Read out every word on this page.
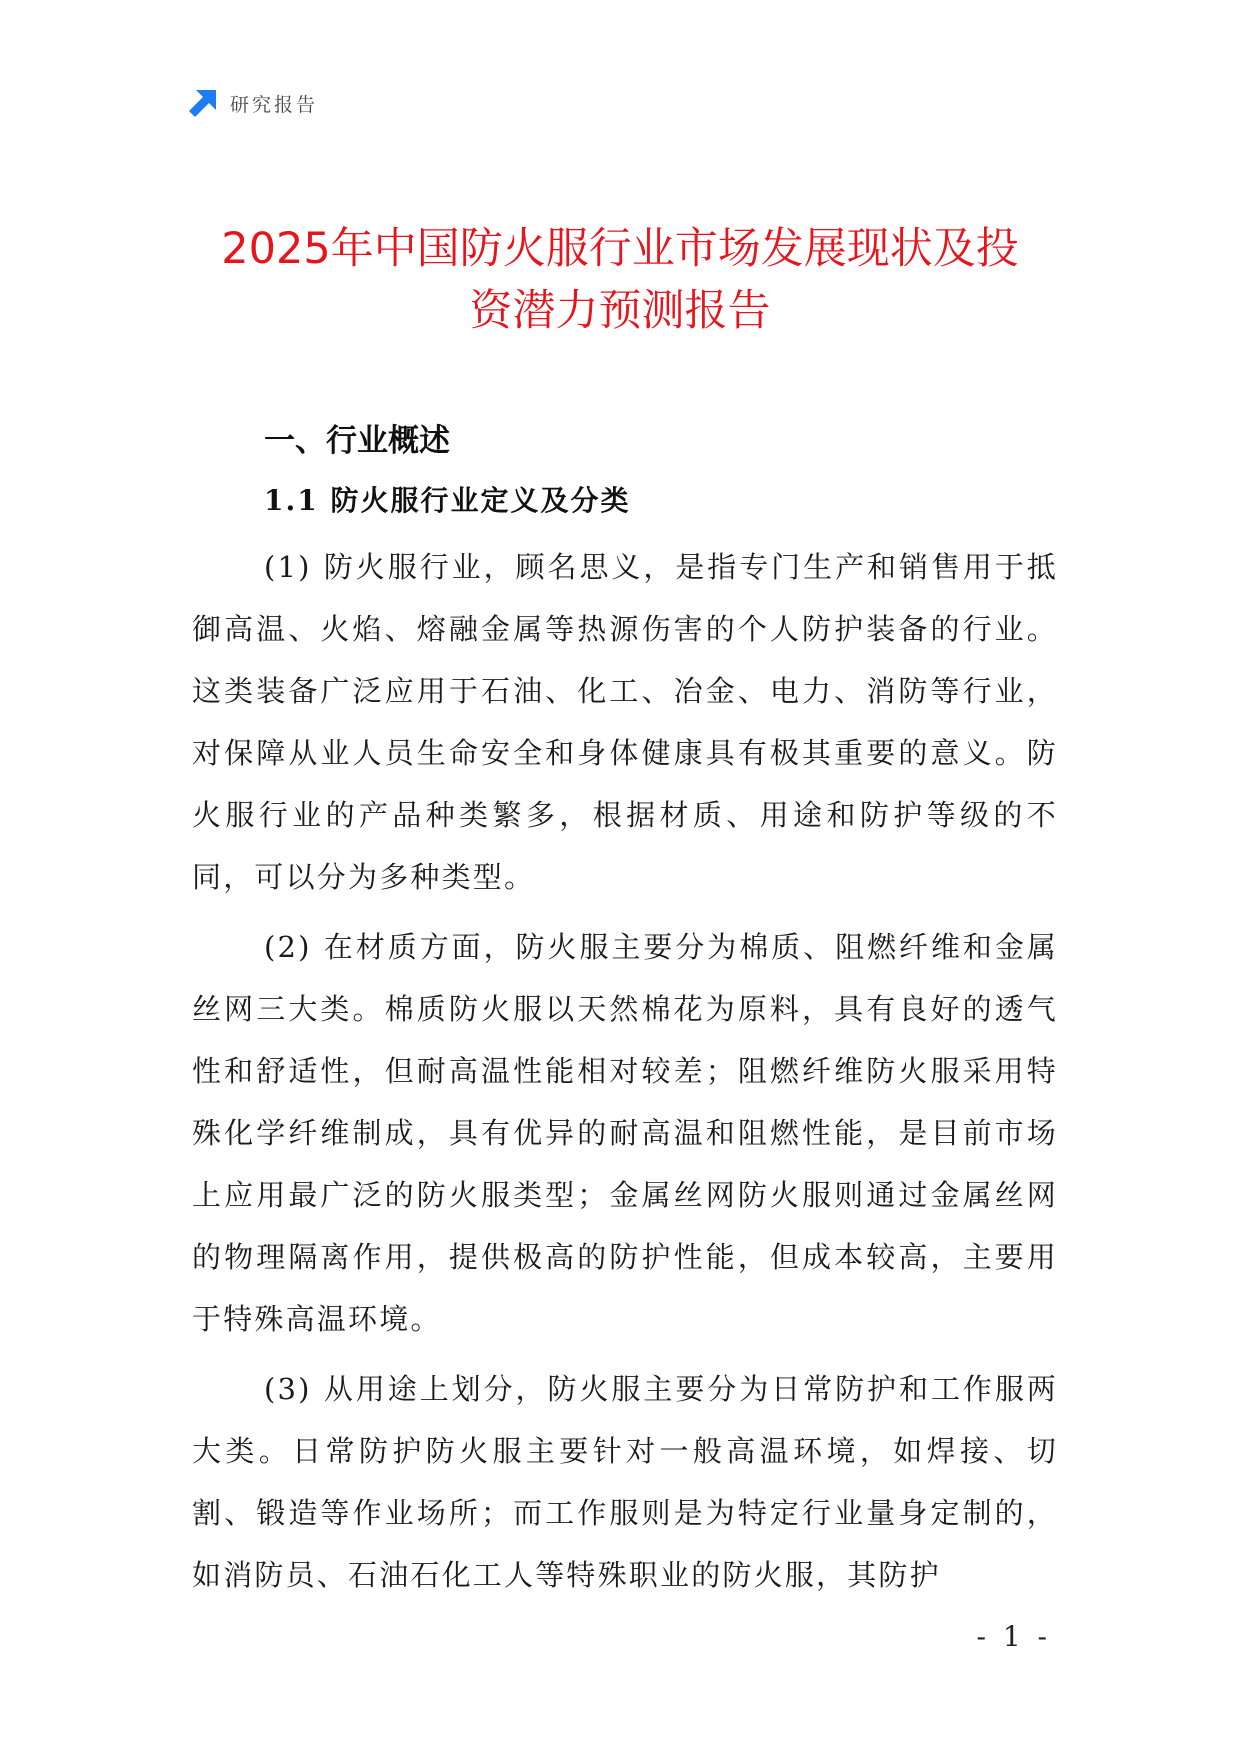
研究报告
2025年中国防火服行业市场发展现状及投
资潜力预测报告
一、行业概述
1.1 防火服行业定义及分类

(1) 防火服行业，顾名思义，是指专门生产和销售用于抵御高温、火焰、熔融金属等热源伤害的个人防护装备的行业。这类装备广泛应用于石油、化工、冶金、电力、消防等行业，对保障从业人员生命安全和身体健康具有极其重要的意义。防火服行业的产品种类繁多，根据材质、用途和防护等级的不同，可以分为多种类型。

(2) 在材质方面，防火服主要分为棉质、阻燃纤维和金属丝网三大类。棉质防火服以天然棉花为原料，具有良好的透气性和舒适性，但耐高温性能相对较差；阻燃纤维防火服采用特殊化学纤维制成，具有优异的耐高温和阻燃性能，是目前市场上应用最广泛的防火服类型；金属丝网防火服则通过金属丝网的物理隔离作用，提供极高的防护性能，但成本较高，主要用于特殊高温环境。

(3) 从用途上划分，防火服主要分为日常防护和工作服两大类。日常防护防火服主要针对一般高温环境，如焊接、切割、锻造等作业场所；而工作服则是为特定行业量身定制的，如消防员、石油石化工人等特殊职业的防火服，其防护

- 1 -
